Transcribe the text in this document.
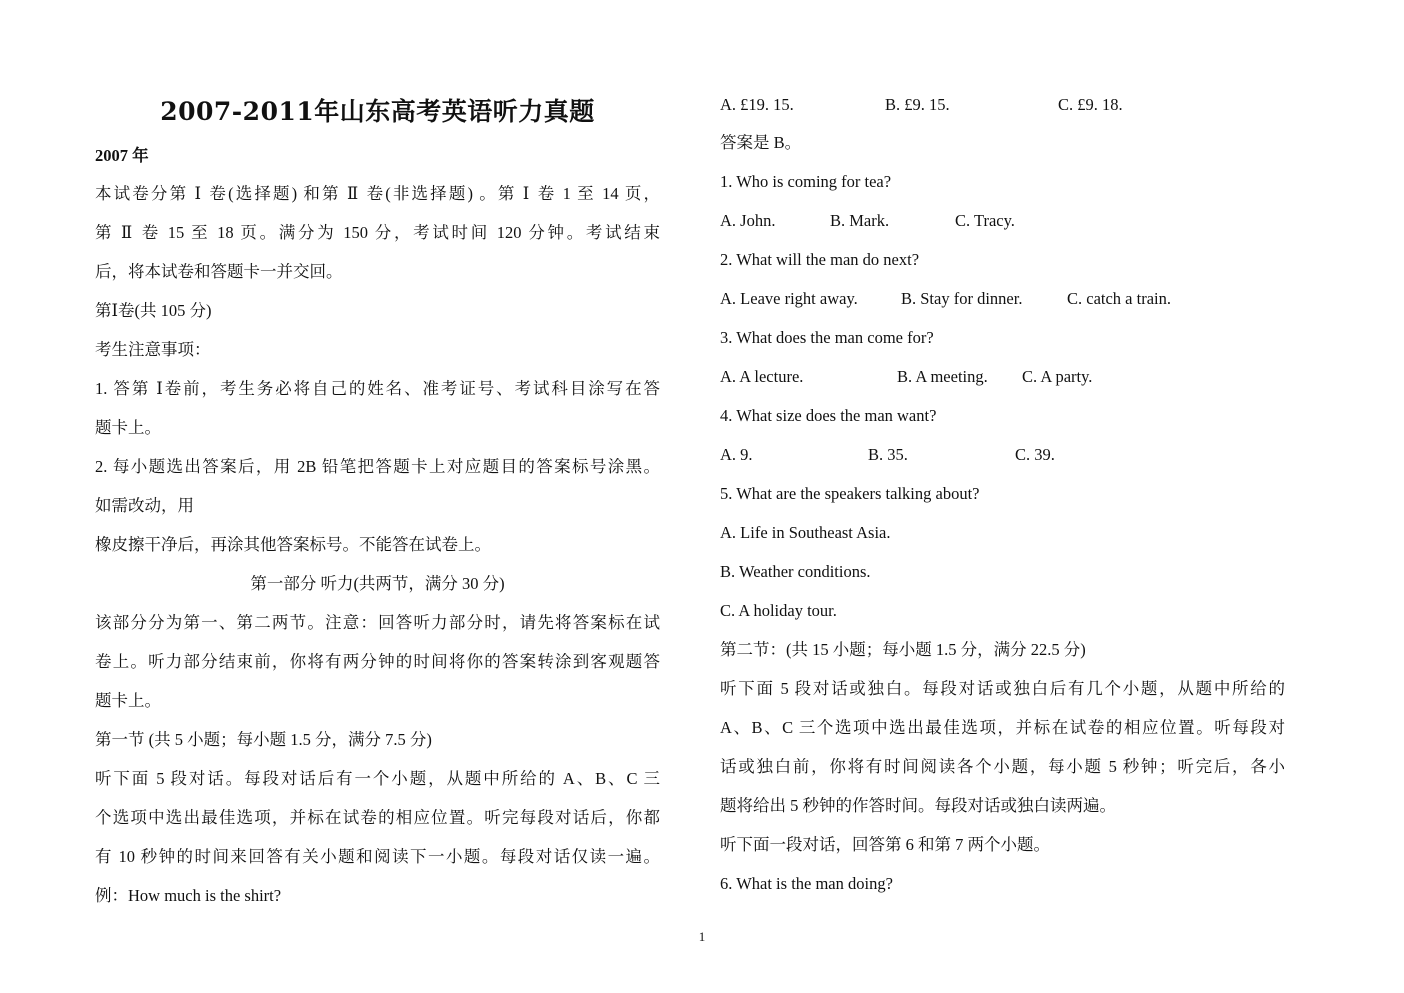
2007-2011年山东高考英语听力真题
2007 年
本试卷分第 Ⅰ 卷(选择题) 和第 Ⅱ 卷(非选择题) 。第 Ⅰ 卷 1 至 14 页，
第 Ⅱ 卷 15 至 18 页。满分为 150 分，考试时间 120 分钟。考试结束
后，将本试卷和答题卡一并交回。
第Ⅰ卷(共 105 分)
考生注意事项：
1. 答第 Ⅰ卷前，考生务必将自己的姓名、准考证号、考试科目涂写在答
题卡上。
2. 每小题选出答案后，用 2B 铅笔把答题卡上对应题目的答案标号涂黑。
如需改动，用
橡皮擦干净后，再涂其他答案标号。不能答在试卷上。
第一部分 听力(共两节，满分 30 分)
该部分分为第一、第二两节。注意：回答听力部分时，请先将答案标在试
卷上。听力部分结束前，你将有两分钟的时间将你的答案转涂到客观题答
题卡上。
第一节 (共 5 小题；每小题 1.5 分，满分 7.5 分)
听下面 5 段对话。每段对话后有一个小题，从题中所给的 A、B、C 三
个选项中选出最佳选项，并标在试卷的相应位置。听完每段对话后，你都
有 10 秒钟的时间来回答有关小题和阅读下一小题。每段对话仅读一遍。
例：How much is the shirt?
A. £19. 15.	B. £9. 15.	C. £9. 18.
答案是 B。
1. Who is coming for tea?
A. John.	B. Mark.	C. Tracy.
2. What will the man do next?
A. Leave right away.	B. Stay for dinner.	C. catch a train.
3. What does the man come for?
A. A lecture.	B. A meeting. C. A party.
4. What size does the man want?
A. 9.	B. 35.	C. 39.
5. What are the speakers talking about?
A. Life in Southeast Asia.
B. Weather conditions.
C. A holiday tour.
第二节：(共 15 小题；每小题 1.5 分，满分 22.5 分)
听下面 5 段对话或独白。每段对话或独白后有几个小题，从题中所给的
A、B、C 三个选项中选出最佳选项，并标在试卷的相应位置。听每段对
话或独白前，你将有时间阅读各个小题，每小题 5 秒钟；听完后，各小
题将给出 5 秒钟的作答时间。每段对话或独白读两遍。
听下面一段对话，回答第 6 和第 7 两个小题。
6. What is the man doing?
1
